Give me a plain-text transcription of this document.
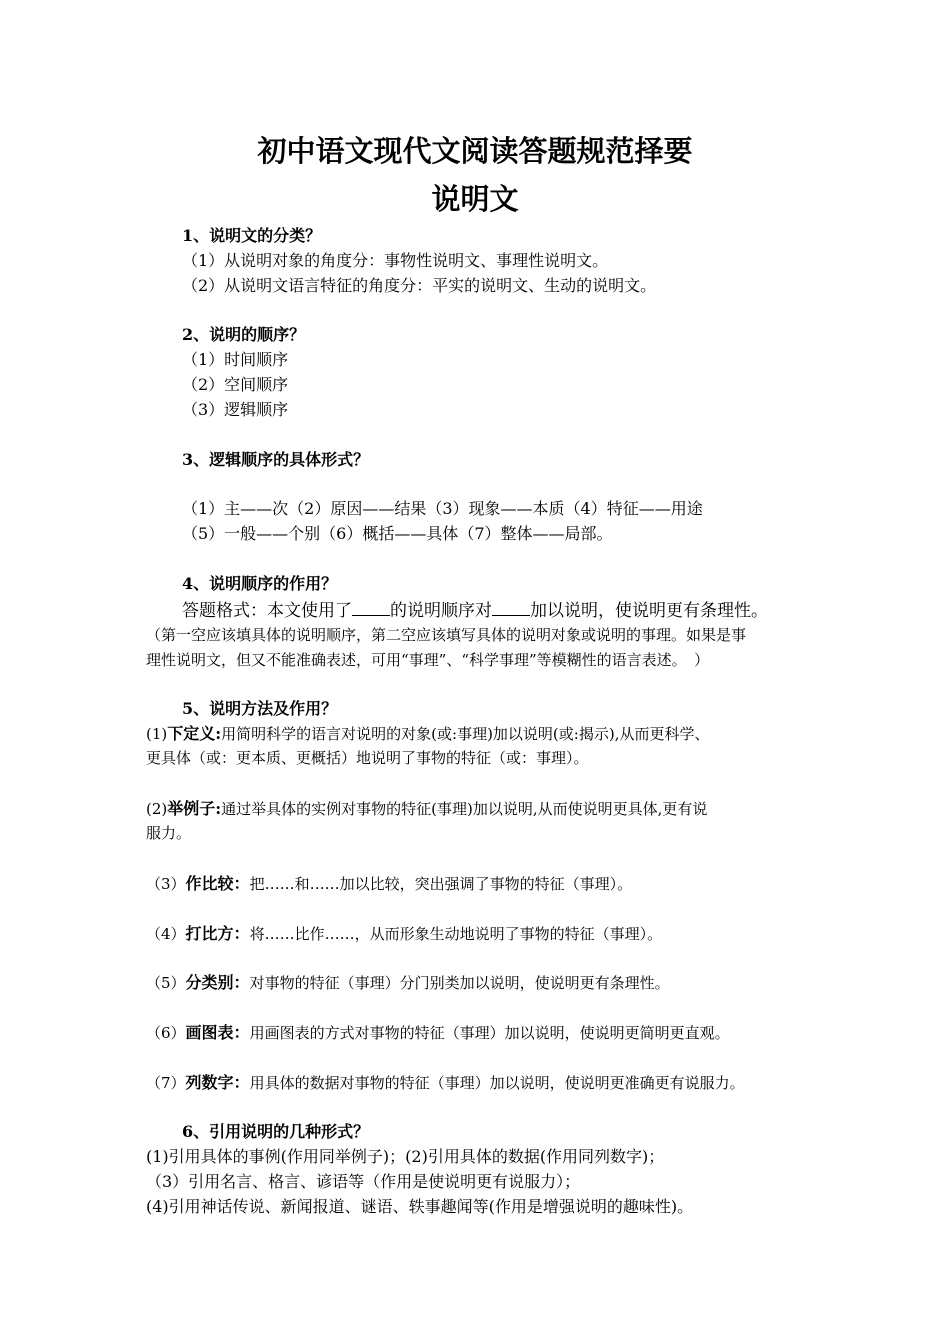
初中语文现代文阅读答题规范择要
说明文
1、说明文的分类？
（1）从说明对象的角度分：事物性说明文、事理性说明文。
（2）从说明文语言特征的角度分：平实的说明文、生动的说明文。
2、说明的顺序？
（1）时间顺序
（2）空间顺序
（3）逻辑顺序
3、逻辑顺序的具体形式？
（1）主——次（2）原因——结果（3）现象——本质（4）特征——用途
（5）一般——个别（6）概括——具体（7）整体——局部。
4、说明顺序的作用？
答题格式：本文使用了 的说明顺序对 加以说明，使说明更有条理性。
（第一空应该填具体的说明顺序，第二空应该填写具体的说明对象或说明的事理。如果是事
理性说明文，但又不能准确表述，可用“事理”、“科学事理”等模糊性的语言表述。　）
5、说明方法及作用？
(1)下定义:用简明科学的语言对说明的对象(或:事理)加以说明(或:揭示),从而更科学、
更具体（或：更本质、更概括）地说明了事物的特征（或：事理）。
(2)举例子:通过举具体的实例对事物的特征(事理)加以说明,从而使说明更具体,更有说
服力。
（3）作比较：把……和……加以比较，突出强调了事物的特征（事理）。
（4）打比方：将……比作……，从而形象生动地说明了事物的特征（事理）。
（5）分类别：对事物的特征（事理）分门别类加以说明，使说明更有条理性。
（6）画图表：用画图表的方式对事物的特征（事理）加以说明，使说明更简明更直观。
（7）列数字：用具体的数据对事物的特征（事理）加以说明，使说明更准确更有说服力。
6、引用说明的几种形式？
(1)引用具体的事例(作用同举例子)；(2)引用具体的数据(作用同列数字)；
（3）引用名言、格言、谚语等（作用是使说明更有说服力）；
(4)引用神话传说、新闻报道、谜语、轶事趣闻等(作用是增强说明的趣味性)。
